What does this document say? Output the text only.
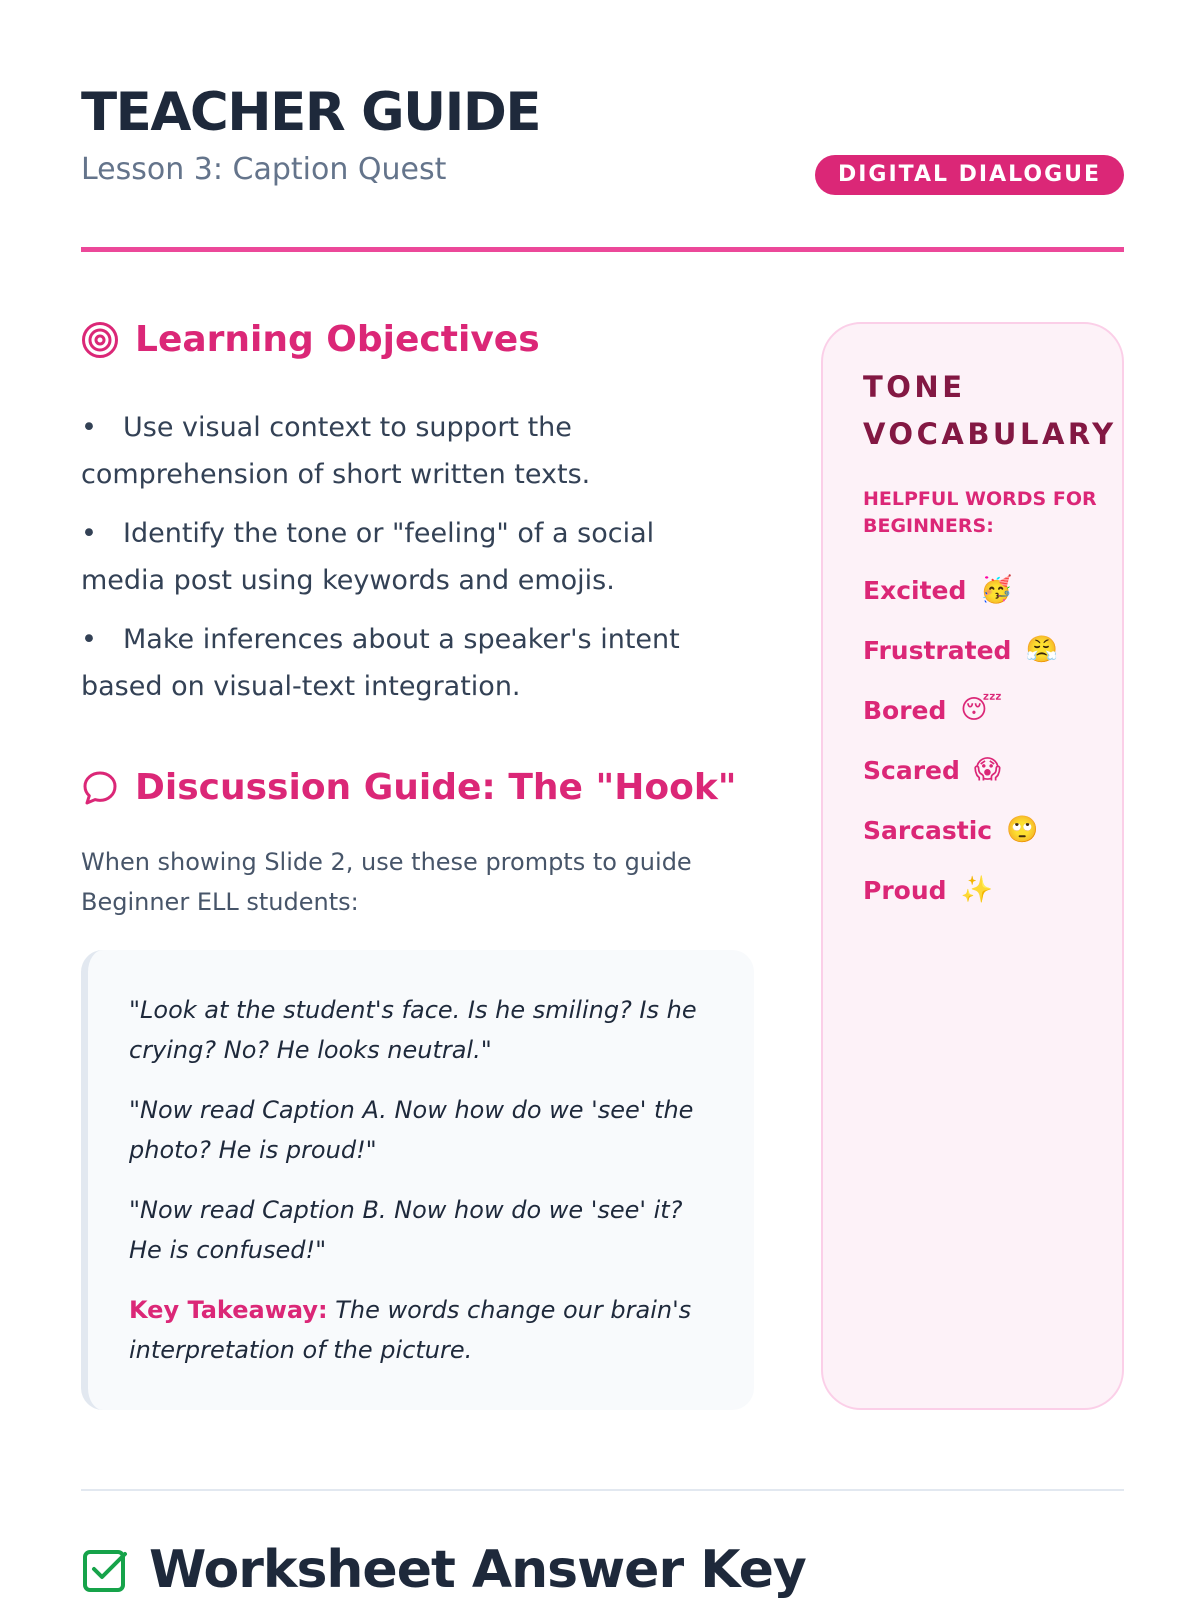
TEACHER GUIDE
Lesson 3: Caption Quest	DIGITAL DIALOGUE
Learning Objectives
• Use visual context to support the comprehension of short written texts.
• Identify the tone or "feeling" of a social media post using keywords and emojis.
• Make inferences about a speaker's intent based on visual-text integration.
Discussion Guide: The "Hook"

When showing Slide 2, use these prompts to guide Beginner ELL students:

"Look at the student's face. Is he smiling? Is he crying? No? He looks neutral."

"Now read Caption A. Now how do we 'see' the photo? He is proud!"

"Now read Caption B. Now how do we 'see' it? He is confused!"

Key Takeaway: The words change our brain's interpretation of the picture.

TONE
VOCABULARY
HELPFUL WORDS FOR BEGINNERS:
Excited 🥳
Frustrated 😤
Bored 😴
Scared 😱
Sarcastic 🙄
Proud ✨
Worksheet Answer Key
